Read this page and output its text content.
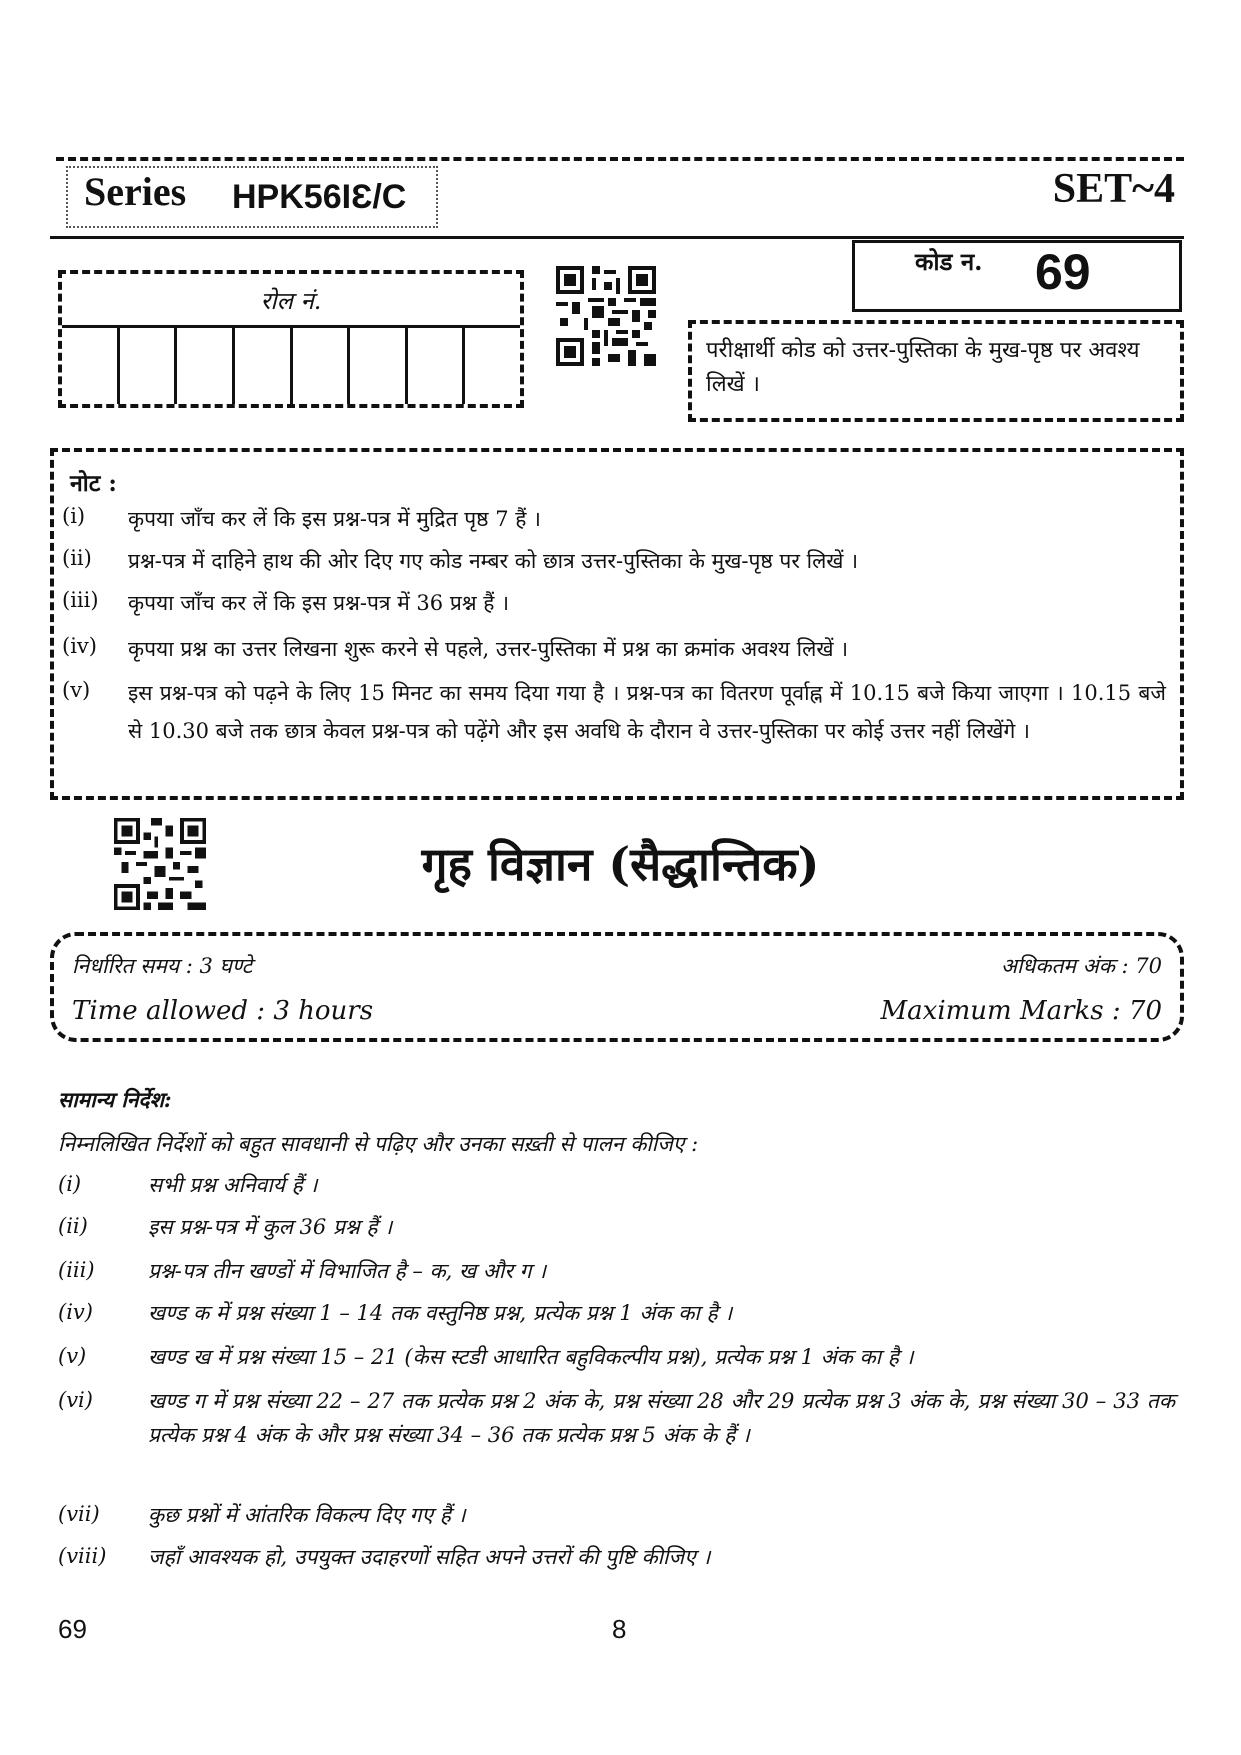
Series HPK56IƐ/C	SET~4
रोल नं.
कोड न. 69
परीक्षार्थी कोड को उत्तर-पुस्तिका के मुख-पृष्ठ पर अवश्य लिखें ।
नोट :
(i) कृपया जाँच कर लें कि इस प्रश्न-पत्र में मुद्रित पृष्ठ 7 हैं ।
(ii) प्रश्न-पत्र में दाहिने हाथ की ओर दिए गए कोड नम्बर को छात्र उत्तर-पुस्तिका के मुख-पृष्ठ पर लिखें ।
(iii) कृपया जाँच कर लें कि इस प्रश्न-पत्र में 36 प्रश्न हैं ।
(iv) कृपया प्रश्न का उत्तर लिखना शुरू करने से पहले, उत्तर-पुस्तिका में प्रश्न का क्रमांक अवश्य लिखें ।
(v) इस प्रश्न-पत्र को पढ़ने के लिए 15 मिनट का समय दिया गया है । प्रश्न-पत्र का वितरण पूर्वाह्न में 10.15 बजे किया जाएगा । 10.15 बजे से 10.30 बजे तक छात्र केवल प्रश्न-पत्र को पढ़ेंगे और इस अवधि के दौरान वे उत्तर-पुस्तिका पर कोई उत्तर नहीं लिखेंगे ।
गृह विज्ञान (सैद्धान्तिक)
निर्धारित समय : 3 घण्टे	अधिकतम अंक : 70
Time allowed : 3 hours	Maximum Marks : 70
सामान्य निर्देश:
निम्नलिखित निर्देशों को बहुत सावधानी से पढ़िए और उनका सख़्ती से पालन कीजिए :
(i)	सभी प्रश्न अनिवार्य हैं ।
(ii)	इस प्रश्न-पत्र में कुल 36 प्रश्न हैं ।
(iii)	प्रश्न-पत्र तीन खण्डों में विभाजित है – क, ख और ग ।
(iv)	खण्ड क में प्रश्न संख्या 1 – 14 तक वस्तुनिष्ठ प्रश्न, प्रत्येक प्रश्न 1 अंक का है ।
(v)	खण्ड ख में प्रश्न संख्या 15 – 21 (केस स्टडी आधारित बहुविकल्पीय प्रश्न), प्रत्येक प्रश्न 1 अंक का है ।
(vi)	खण्ड ग में प्रश्न संख्या 22 – 27 तक प्रत्येक प्रश्न 2 अंक के, प्रश्न संख्या 28 और 29 प्रत्येक प्रश्न 3 अंक के, प्रश्न संख्या 30 – 33 तक प्रत्येक प्रश्न 4 अंक के और प्रश्न संख्या 34 – 36 तक प्रत्येक प्रश्न 5 अंक के हैं ।
(vii) कुछ प्रश्नों में आंतरिक विकल्प दिए गए हैं ।
(viii) जहाँ आवश्यक हो, उपयुक्त उदाहरणों सहित अपने उत्तरों की पुष्टि कीजिए ।
69	8
